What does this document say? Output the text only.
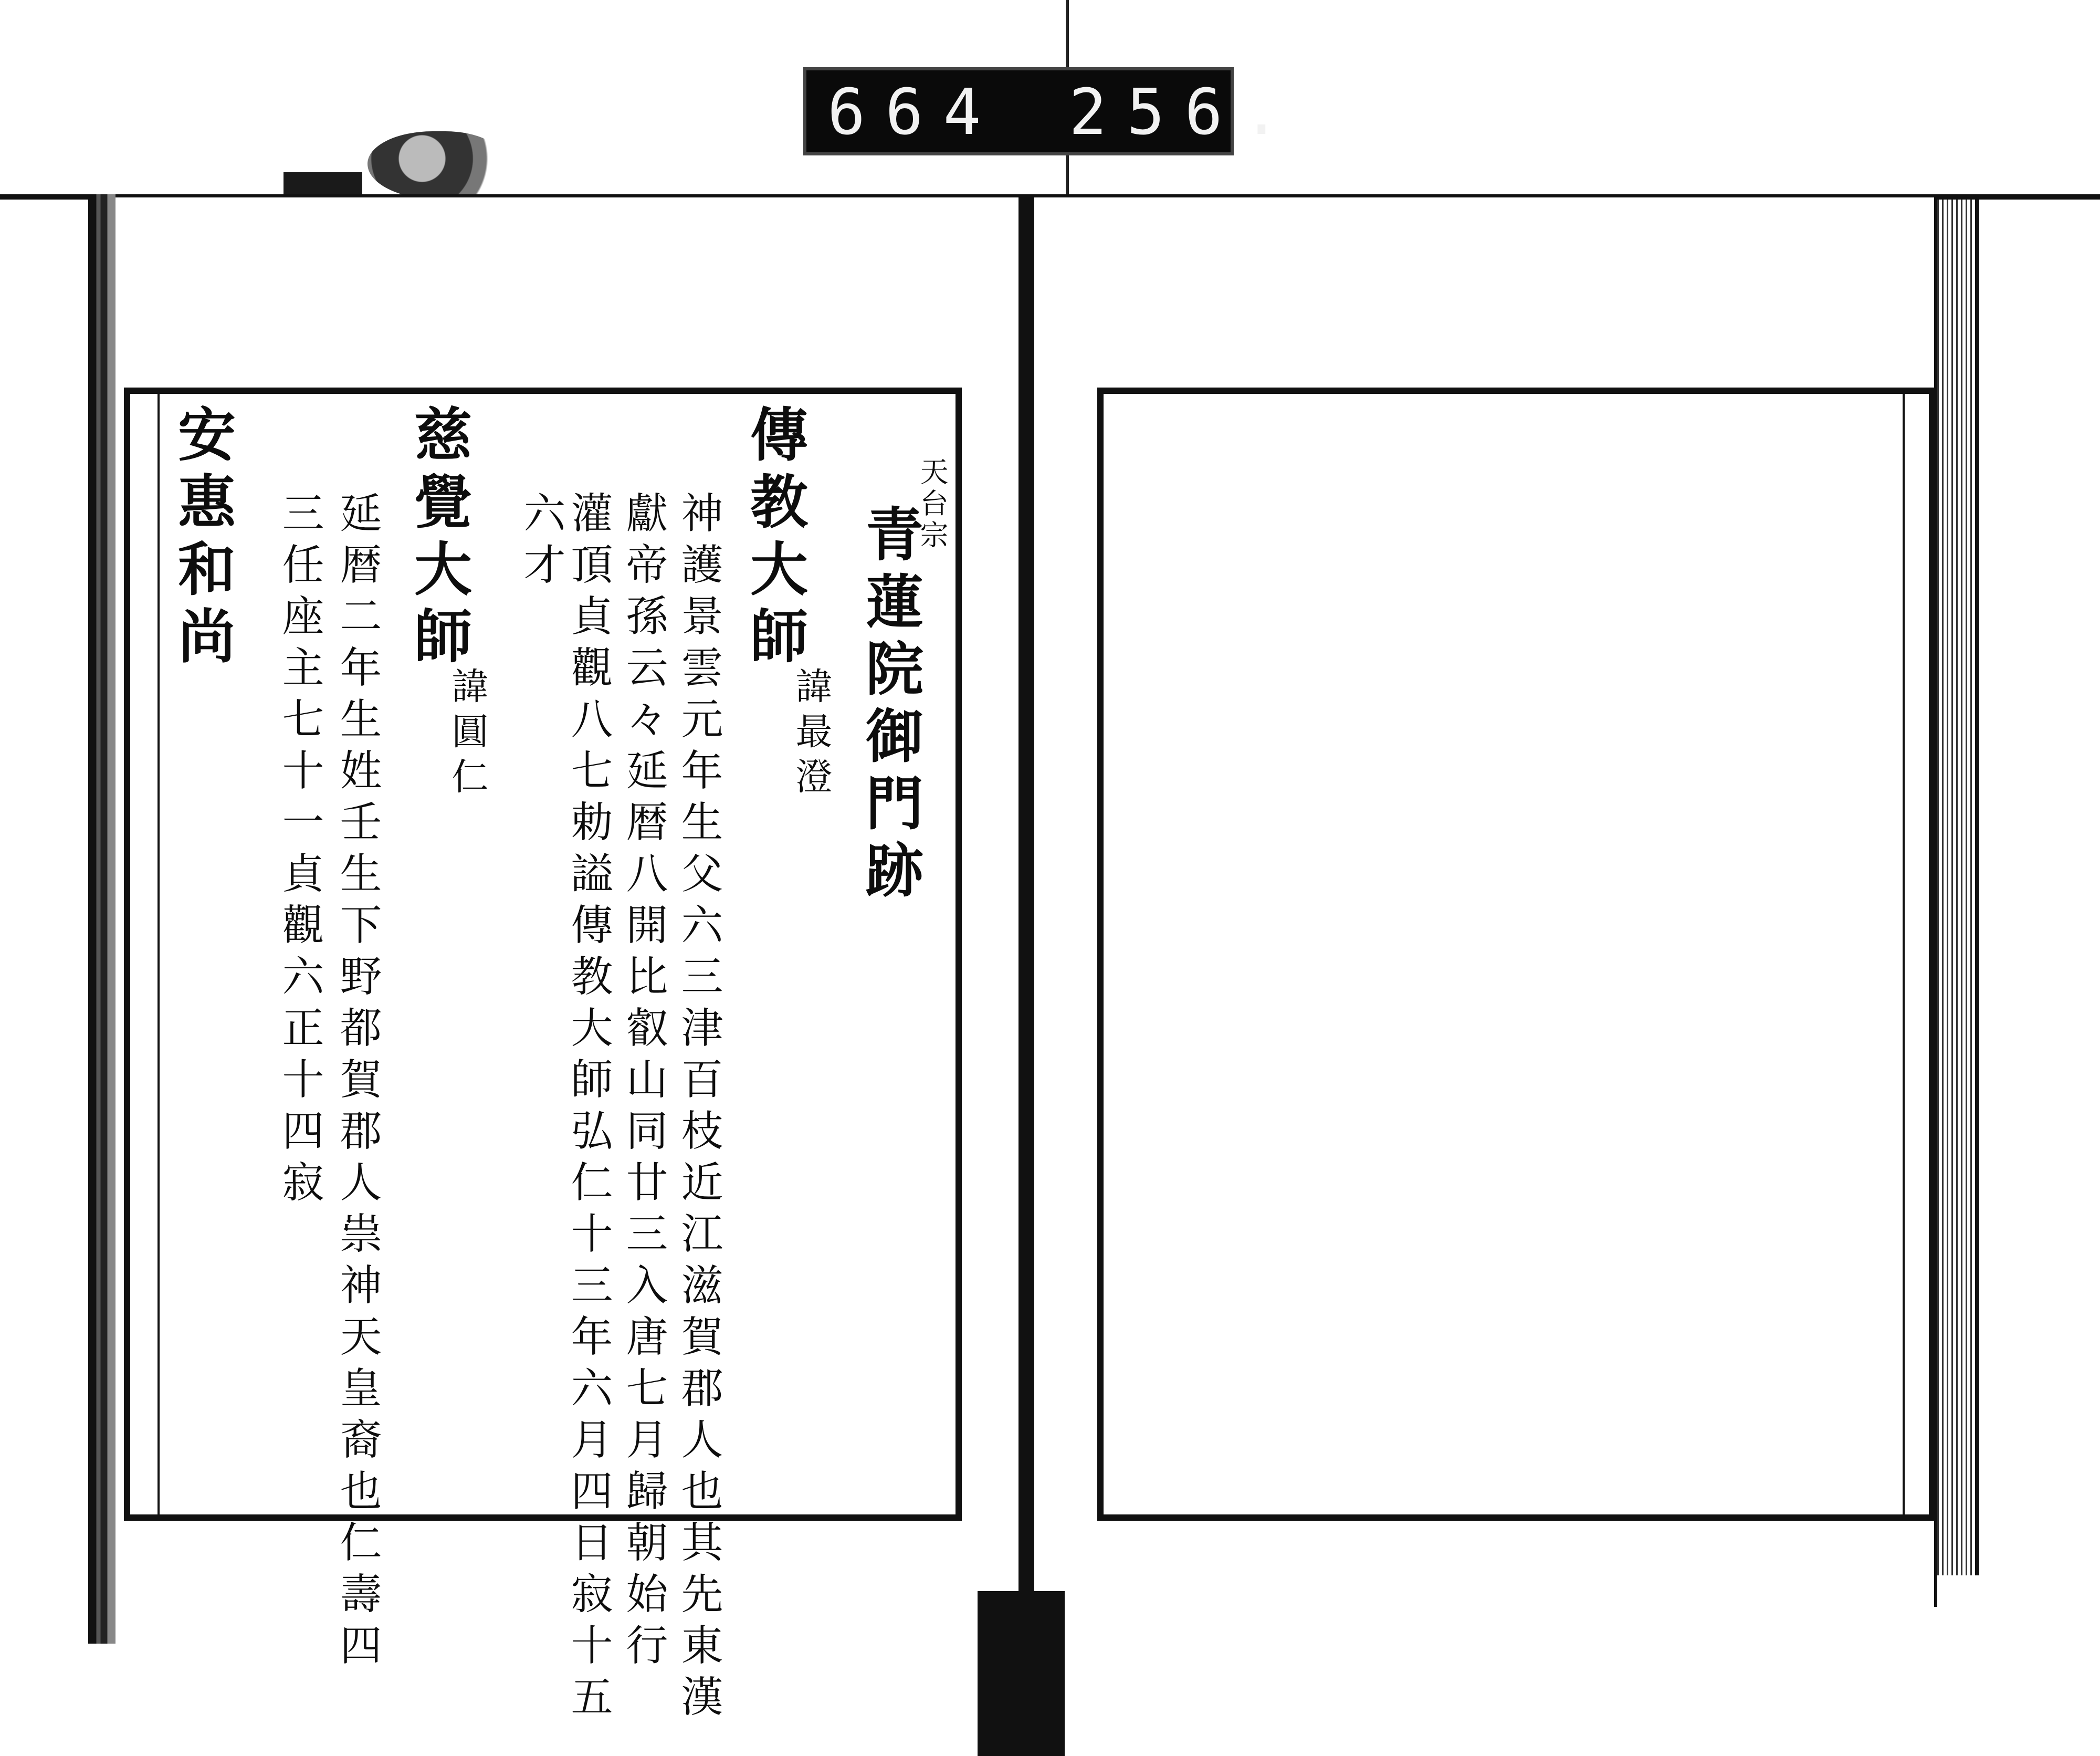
664 256.
天台宗
青蓮院御門跡
傳教大師
諱最澄
神護景雲元年生父六三津百枝近江滋賀郡人也其先東漢
獻帝孫云々延暦八開比叡山同廿三入唐七月歸朝始行
灌頂貞觀八七勅謚傳教大師弘仁十三年六月四日寂十五
六才
慈覺大師
諱圓仁
延暦二年生姓壬生下野都賀郡人祟神天皇裔也仁壽四
三任座主七十一貞觀六正十四寂
安惠和尚
